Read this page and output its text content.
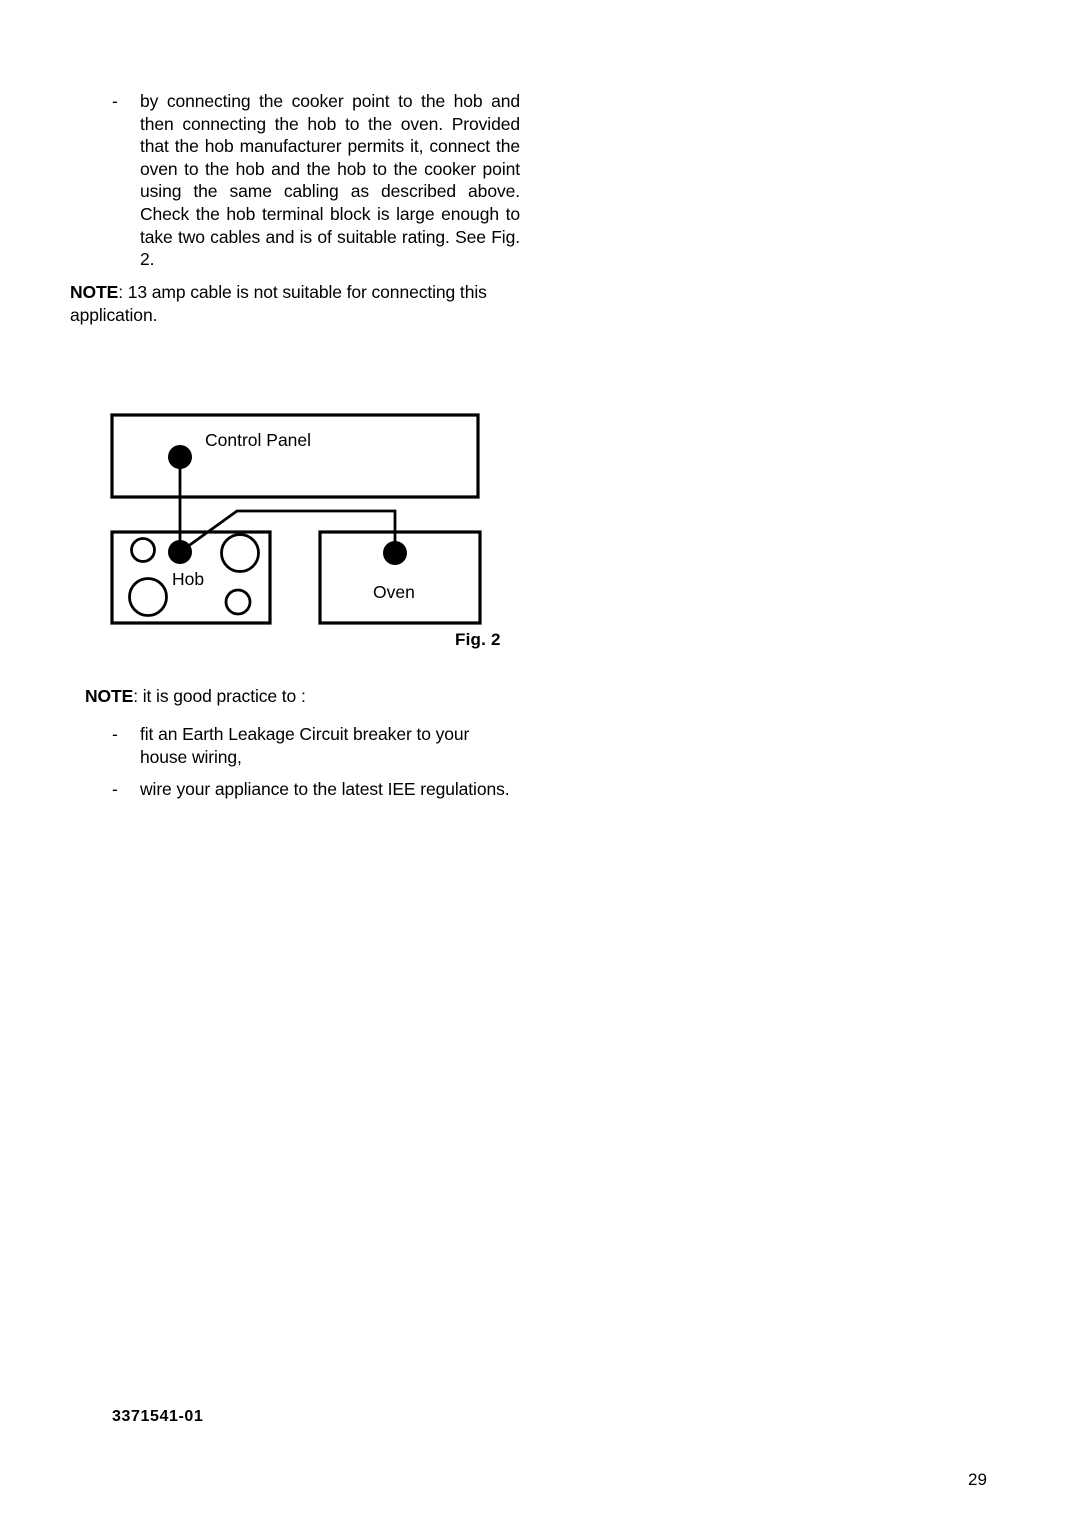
-	by connecting the cooker point to the hob and then connecting the hob to the oven. Provided that the hob manufacturer permits it, connect the oven to the hob and the hob to the cooker point using the same cabling as described above. Check the hob terminal block is large enough to take two cables and is of suitable rating. See Fig. 2.
NOTE: 13 amp cable is not suitable for connecting this application.
Control Panel
Hob
Oven
Fig. 2
NOTE: it is good practice to :
-	fit an Earth Leakage Circuit breaker to your house wiring,
-	wire your appliance to the latest IEE regulations.
3371541-01
29
